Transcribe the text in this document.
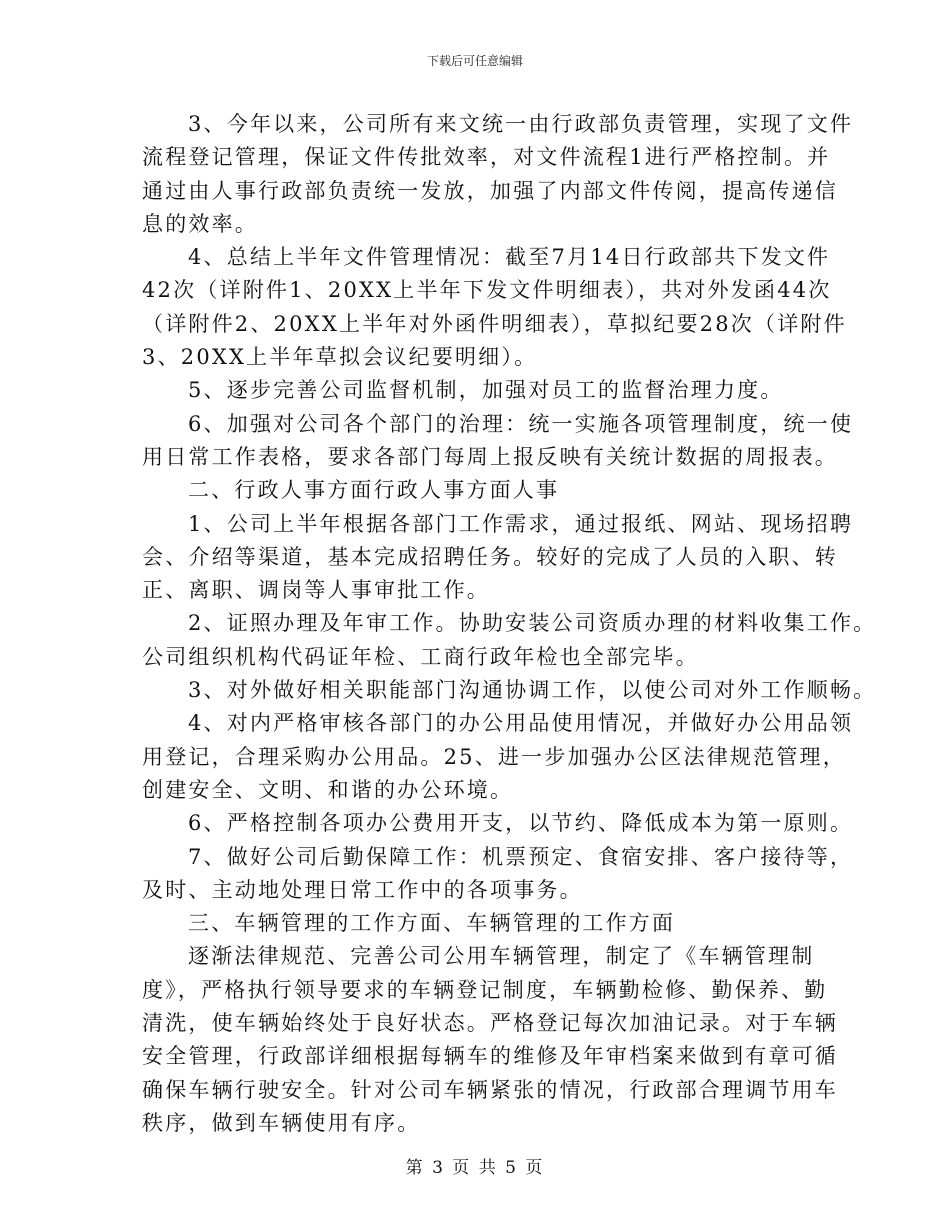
下载后可任意编辑
3、今年以来，公司所有来文统一由行政部负责管理，实现了文件
流程登记管理，保证文件传批效率，对文件流程1进行严格控制。并
通过由人事行政部负责统一发放，加强了内部文件传阅，提高传递信
息的效率。
4、总结上半年文件管理情况：截至7月14日行政部共下发文件
42次（详附件1、20XX上半年下发文件明细表），共对外发函44次
（详附件2、20XX上半年对外函件明细表），草拟纪要28次（详附件
3、20XX上半年草拟会议纪要明细）。
5、逐步完善公司监督机制，加强对员工的监督治理力度。
6、加强对公司各个部门的治理：统一实施各项管理制度，统一使
用日常工作表格，要求各部门每周上报反映有关统计数据的周报表。
二、行政人事方面行政人事方面人事
1、公司上半年根据各部门工作需求，通过报纸、网站、现场招聘
会、介绍等渠道，基本完成招聘任务。较好的完成了人员的入职、转
正、离职、调岗等人事审批工作。
2、证照办理及年审工作。协助安装公司资质办理的材料收集工作。
公司组织机构代码证年检、工商行政年检也全部完毕。
3、对外做好相关职能部门沟通协调工作，以使公司对外工作顺畅。
4、对内严格审核各部门的办公用品使用情况，并做好办公用品领
用登记，合理采购办公用品。25、进一步加强办公区法律规范管理，
创建安全、文明、和谐的办公环境。
6、严格控制各项办公费用开支，以节约、降低成本为第一原则。
7、做好公司后勤保障工作：机票预定、食宿安排、客户接待等，
及时、主动地处理日常工作中的各项事务。
三、车辆管理的工作方面、车辆管理的工作方面
逐渐法律规范、完善公司公用车辆管理，制定了《车辆管理制
度》，严格执行领导要求的车辆登记制度，车辆勤检修、勤保养、勤
清洗，使车辆始终处于良好状态。严格登记每次加油记录。对于车辆
安全管理，行政部详细根据每辆车的维修及年审档案来做到有章可循
确保车辆行驶安全。针对公司车辆紧张的情况，行政部合理调节用车
秩序，做到车辆使用有序。
第 3 页 共 5 页
